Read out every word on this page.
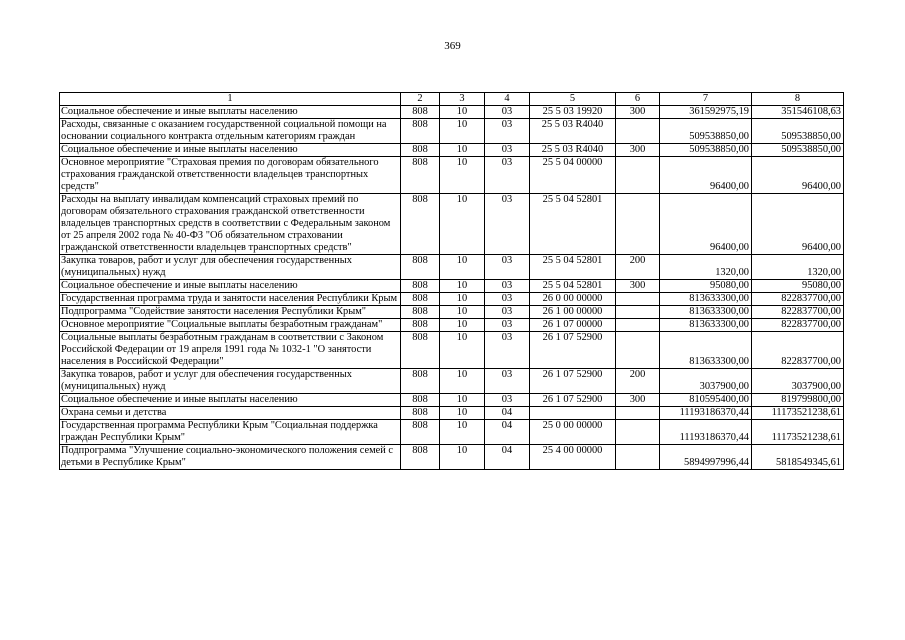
369
1	2	3	4	5	6	7	8
Социальное обеспечение и иные выплаты населению	808	10	03	25 5 03 19920	300	361592975,19	351546108,63
Расходы, связанные с оказанием государственной социальной помощи на основании социального контракта отдельным категориям граждан	808	10	03	25 5 03 R4040		509538850,00	509538850,00
Социальное обеспечение и иные выплаты населению	808	10	03	25 5 03 R4040	300	509538850,00	509538850,00
Основное мероприятие "Страховая премия по договорам обязательного страхования гражданской ответственности владельцев транспортных средств"	808	10	03	25 5 04 00000		96400,00	96400,00
Расходы на выплату инвалидам компенсаций страховых премий по договорам обязательного страхования гражданской ответственности владельцев транспортных средств в соответствии с Федеральным законом от 25 апреля 2002 года № 40-ФЗ "Об обязательном страховании гражданской ответственности владельцев транспортных средств"	808	10	03	25 5 04 52801		96400,00	96400,00
Закупка товаров, работ и услуг для обеспечения государственных (муниципальных) нужд	808	10	03	25 5 04 52801	200	1320,00	1320,00
Социальное обеспечение и иные выплаты населению	808	10	03	25 5 04 52801	300	95080,00	95080,00
Государственная программа труда и занятости населения Республики Крым	808	10	03	26 0 00 00000		813633300,00	822837700,00
Подпрограмма "Содействие занятости населения Республики Крым"	808	10	03	26 1 00 00000		813633300,00	822837700,00
Основное мероприятие "Социальные выплаты безработным гражданам"	808	10	03	26 1 07 00000		813633300,00	822837700,00
Социальные выплаты безработным гражданам в соответствии с Законом Российской Федерации от 19 апреля 1991 года № 1032-1 "О занятости населения в Российской Федерации"	808	10	03	26 1 07 52900		813633300,00	822837700,00
Закупка товаров, работ и услуг для обеспечения государственных (муниципальных) нужд	808	10	03	26 1 07 52900	200	3037900,00	3037900,00
Социальное обеспечение и иные выплаты населению	808	10	03	26 1 07 52900	300	810595400,00	819799800,00
Охрана семьи и детства	808	10	04			11193186370,44	11173521238,61
Государственная программа Республики Крым "Социальная поддержка граждан Республики Крым"	808	10	04	25 0 00 00000		11193186370,44	11173521238,61
Подпрограмма "Улучшение социально-экономического положения семей с детьми в Республике Крым"	808	10	04	25 4 00 00000		5894997996,44	5818549345,61
